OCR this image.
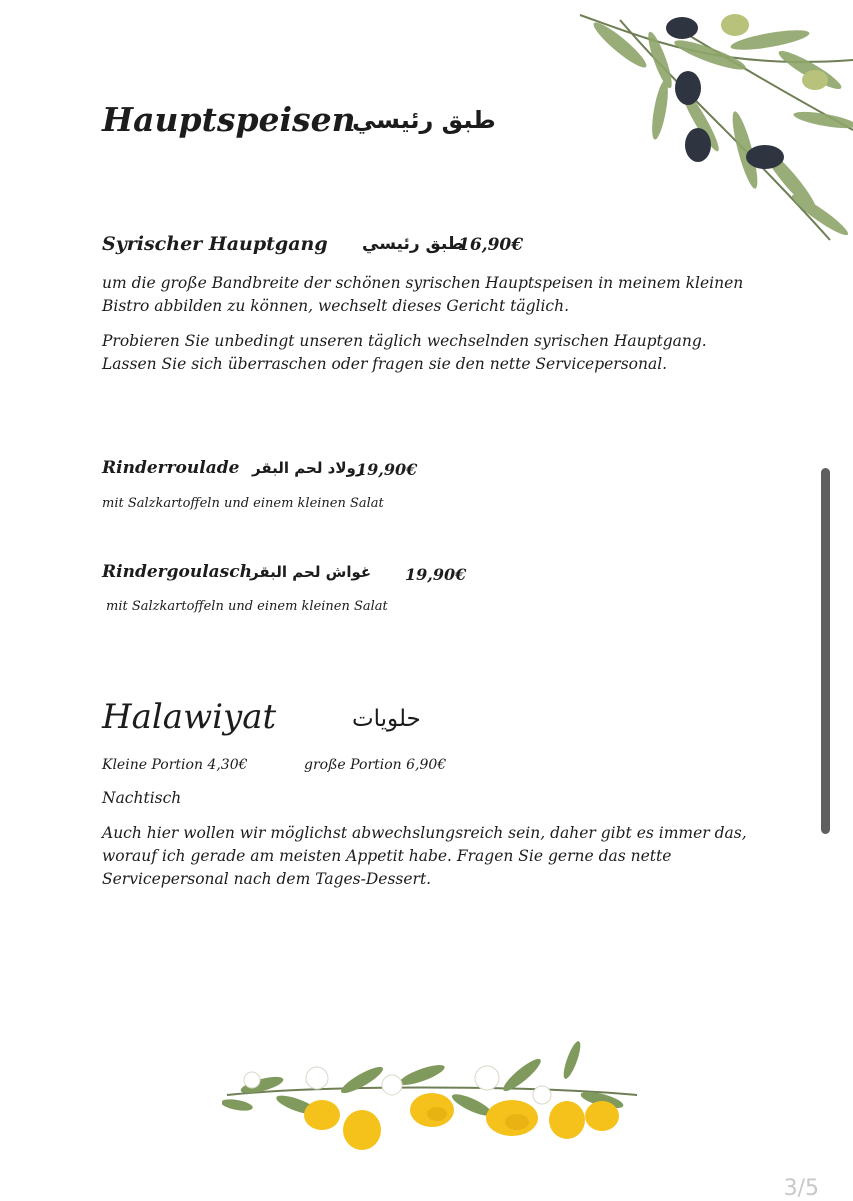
Hauptspeisen
طبق رئيسي
Syrischer Hauptgang طبق رئيسي
16,90€
um die große Bandbreite der schönen syrischen Hauptspeisen in meinem kleinen Bistro abbilden zu können, wechselt dieses Gericht täglich.
Probieren Sie unbedingt unseren täglich wechselnden syrischen Hauptgang. Lassen Sie sich überraschen oder fragen sie den nette Servicepersonal.
Rinderroulade رولاد لحم البقر
19,90€
mit Salzkartoffeln und einem kleinen Salat
Rindergoulasch
غواش لحم البقر 19,90€
mit Salzkartoffeln und einem kleinen Salat
Halawiyat	حلويات
Kleine Portion 4,30€	große Portion 6,90€
Nachtisch
Auch hier wollen wir möglichst abwechslungsreich sein, daher gibt es immer das, worauf ich gerade am meisten Appetit habe. Fragen Sie gerne das nette Servicepersonal nach dem Tages-Dessert.
3/5
